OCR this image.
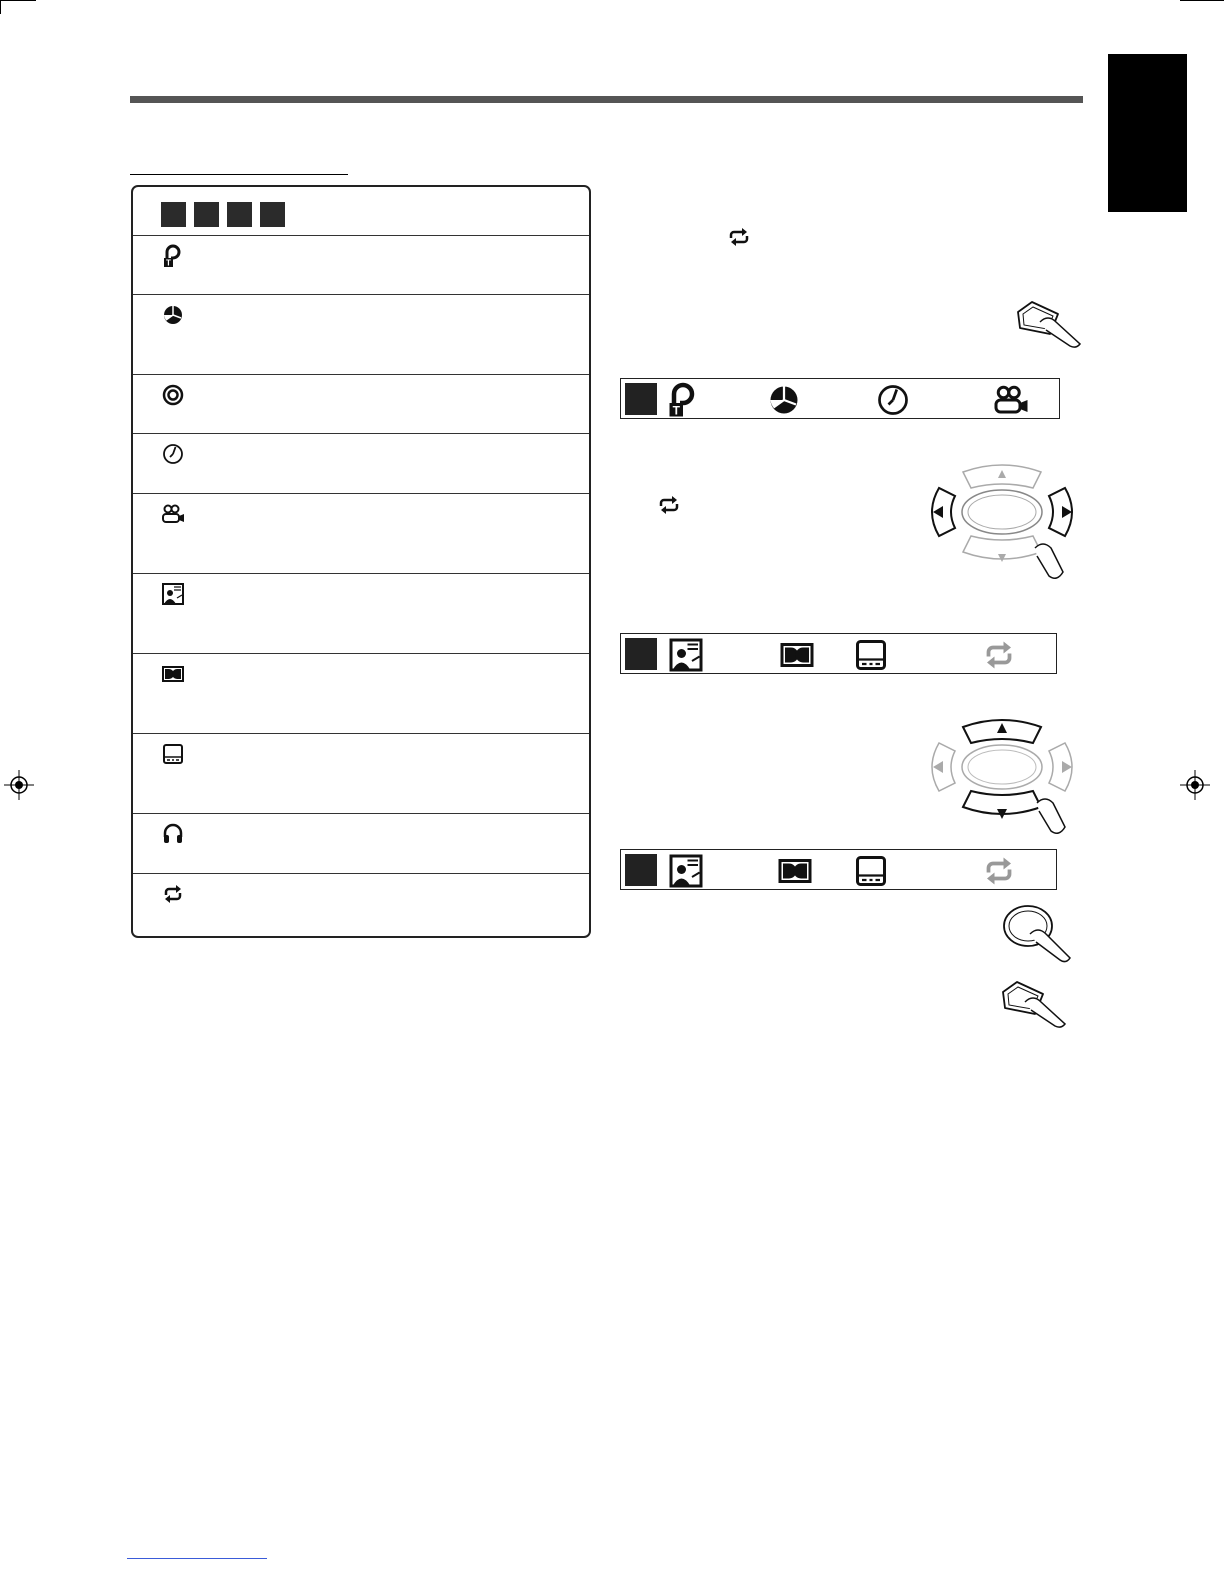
T
T
